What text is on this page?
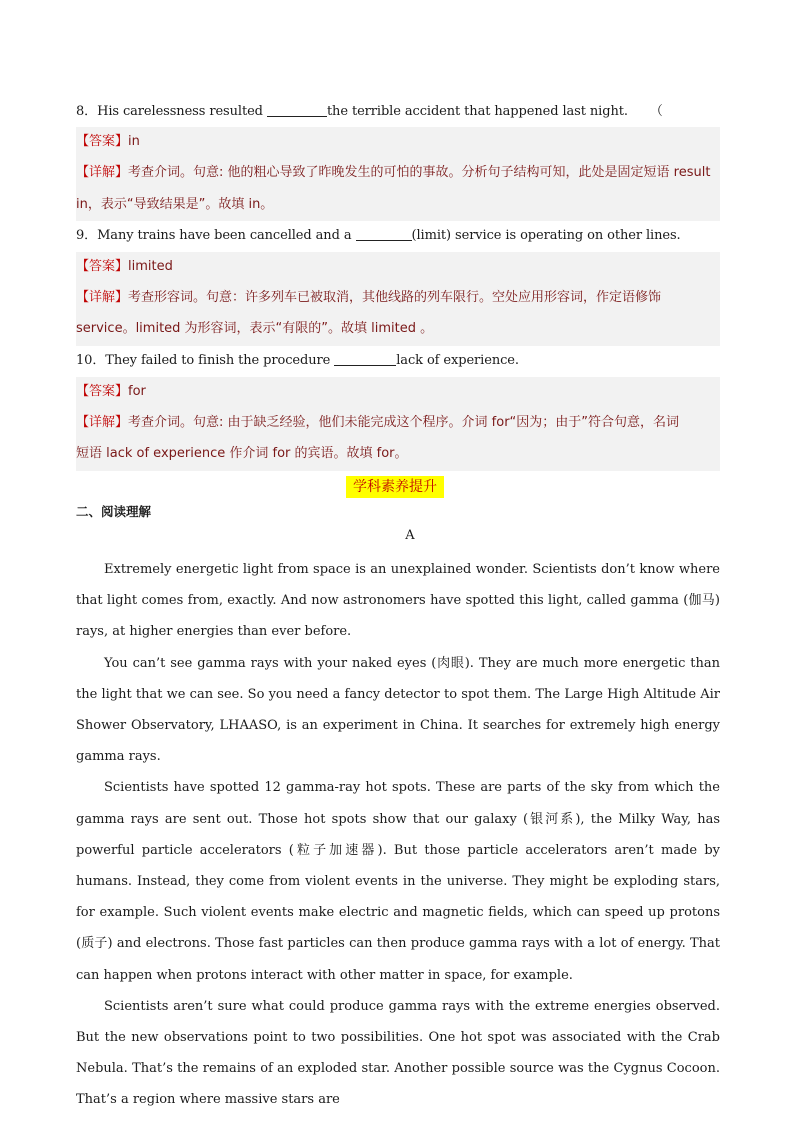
8．His carelessness resulted	the terrible accident that happened last night. （
【答案】in
【详解】考查介词。句意: 他的粗心导致了昨晚发生的可怕的事故。分析句子结构可知，此处是固定短语 result
in，表示“导致结果是”。故填 in。
9．Many trains have been cancelled and a	(limit) service is operating on other lines.
【答案】limited
【详解】考查形容词。句意：许多列车已被取消，其他线路的列车限行。空处应用形容词，作定语修饰
service。limited 为形容词，表示“有限的”。故填 limited 。
10．They failed to finish the procedure	lack of experience.
【答案】for
【详解】考查介词。句意: 由于缺乏经验，他们未能完成这个程序。介词 for“因为；由于”符合句意，名词
短语 lack of experience 作介词 for 的宾语。故填 for。
学科素养提升
二、阅读理解
A

Extremely energetic light from space is an unexplained wonder. Scientists don’t know where that light comes from, exactly. And now astronomers have spotted this light, called gamma (伽马) rays, at higher energies than ever before.

You can’t see gamma rays with your naked eyes (肉眼). They are much more energetic than the light that we can see. So you need a fancy detector to spot them. The Large High Altitude Air Shower Observatory, LHAASO, is an experiment in China. It searches for extremely high energy gamma rays.

Scientists have spotted 12 gamma-ray hot spots. These are parts of the sky from which the gamma rays are sent out. Those hot spots show that our galaxy (银河系), the Milky Way, has powerful particle accelerators (粒子加速器). But those particle accelerators aren’t made by humans. Instead, they come from violent events in the universe. They might be exploding stars, for example. Such violent events make electric and magnetic fields, which can speed up protons (质子) and electrons. Those fast particles can then produce gamma rays with a lot of energy. That can happen when protons interact with other matter in space, for example.

Scientists aren’t sure what could produce gamma rays with the extreme energies observed. But the new observations point to two possibilities. One hot spot was associated with the Crab Nebula. That’s the remains of an exploded star. Another possible source was the Cygnus Cocoon. That’s a region where massive stars are
